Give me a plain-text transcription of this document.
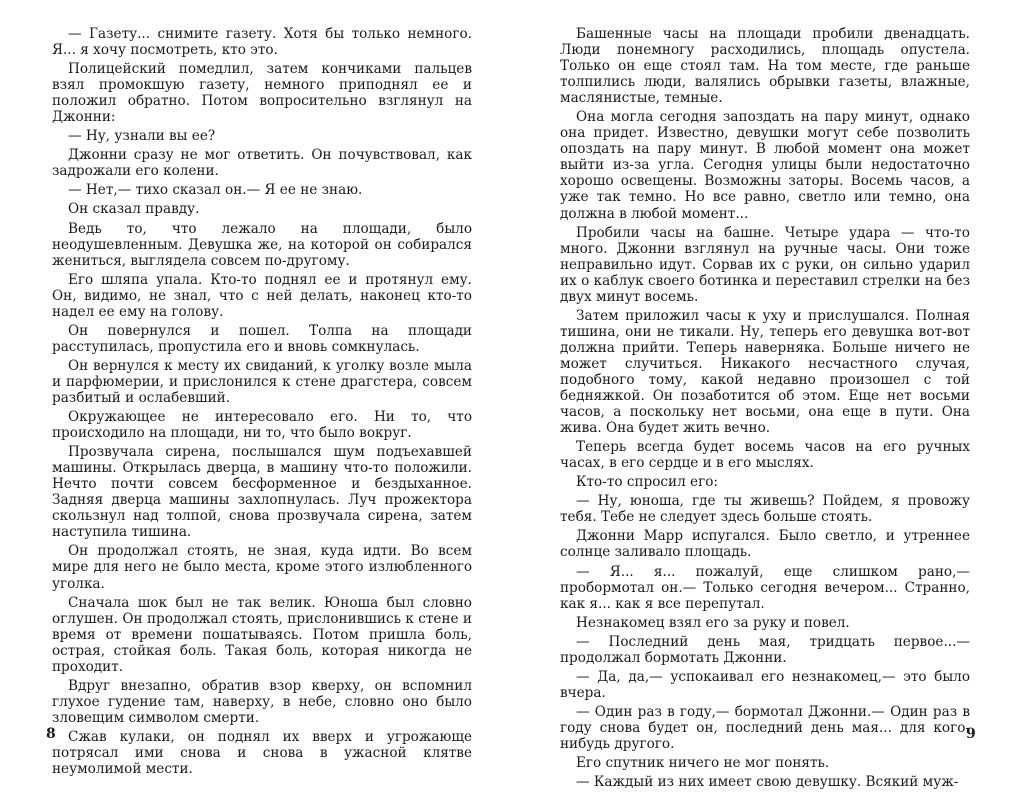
— Газету... снимите газету. Хотя бы только немного. Я... я хочу посмотреть, кто это.

Полицейский помедлил, затем кончиками пальцев взял промокшую газету, немного приподнял ее и положил обратно. Потом вопросительно взглянул на Джонни:

— Ну, узнали вы ее?

Джонни сразу не мог ответить. Он почувствовал, как задрожали его колени.

— Нет,— тихо сказал он.— Я ее не знаю.

Он сказал правду.

Ведь то, что лежало на площади, было неодушевленным. Девушка же, на которой он собирался жениться, выглядела совсем по-другому.

Его шляпа упала. Кто-то поднял ее и протянул ему. Он, видимо, не знал, что с ней делать, наконец кто-то надел ее ему на голову.

Он повернулся и пошел. Толпа на площади расступилась, пропустила его и вновь сомкнулась.

Он вернулся к месту их свиданий, к уголку возле мыла и парфюмерии, и прислонился к стене драгстера, совсем разбитый и ослабевший.

Окружающее не интересовало его. Ни то, что происходило на площади, ни то, что было вокруг.

Прозвучала сирена, послышался шум подъехавшей машины. Открылась дверца, в машину что-то положили. Нечто почти совсем бесформенное и бездыханное. Задняя дверца машины захлопнулась. Луч прожектора скользнул над толпой, снова прозвучала сирена, затем наступила тишина.

Он продолжал стоять, не зная, куда идти. Во всем мире для него не было места, кроме этого излюбленного уголка.

Сначала шок был не так велик. Юноша был словно оглушен. Он продолжал стоять, прислонившись к стене и время от времени пошатываясь. Потом пришла боль, острая, стойкая боль. Такая боль, которая никогда не проходит.

Вдруг внезапно, обратив взор кверху, он вспомнил глухое гудение там, наверху, в небе, словно оно было зловещим символом смерти.

Сжав кулаки, он поднял их вверх и угрожающе потрясал ими снова и снова в ужасной клятве неумолимой мести.

Башенные часы на площади пробили двенадцать. Люди понемногу расходились, площадь опустела. Только он еще стоял там. На том месте, где раньше толпились люди, валялись обрывки газеты, влажные, маслянистые, темные.

Она могла сегодня запоздать на пару минут, однако она придет. Известно, девушки могут себе позволить опоздать на пару минут. В любой момент она может выйти из-за угла. Сегодня улицы были недостаточно хорошо освещены. Возможны заторы. Восемь часов, а уже так темно. Но все равно, светло или темно, она должна в любой момент...

Пробили часы на башне. Четыре удара — что-то много. Джонни взглянул на ручные часы. Они тоже неправильно идут. Сорвав их с руки, он сильно ударил их о каблук своего ботинка и переставил стрелки на без двух минут восемь.

Затем приложил часы к уху и прислушался. Полная тишина, они не тикали. Ну, теперь его девушка вот-вот должна прийти. Теперь наверняка. Больше ничего не может случиться. Никакого несчастного случая, подобного тому, какой недавно произошел с той бедняжкой. Он позаботится об этом. Еще нет восьми часов, а поскольку нет восьми, она еще в пути. Она жива. Она будет жить вечно.

Теперь всегда будет восемь часов на его ручных часах, в его сердце и в его мыслях.

Кто-то спросил его:

— Ну, юноша, где ты живешь? Пойдем, я провожу тебя. Тебе не следует здесь больше стоять.

Джонни Марр испугался. Было светло, и утреннее солнце заливало площадь.

— Я... я... пожалуй, еще слишком рано,— пробормотал он.— Только сегодня вечером... Странно, как я... как я все перепутал.

Незнакомец взял его за руку и повел.

— Последний день мая, тридцать первое...— продолжал бормотать Джонни.

— Да, да,— успокаивал его незнакомец,— это было вчера.

— Один раз в году,— бормотал Джонни.— Один раз в году снова будет он, последний день мая... для кого-нибудь другого.

Его спутник ничего не мог понять.

— Каждый из них имеет свою девушку. Всякий муж-

8	9
